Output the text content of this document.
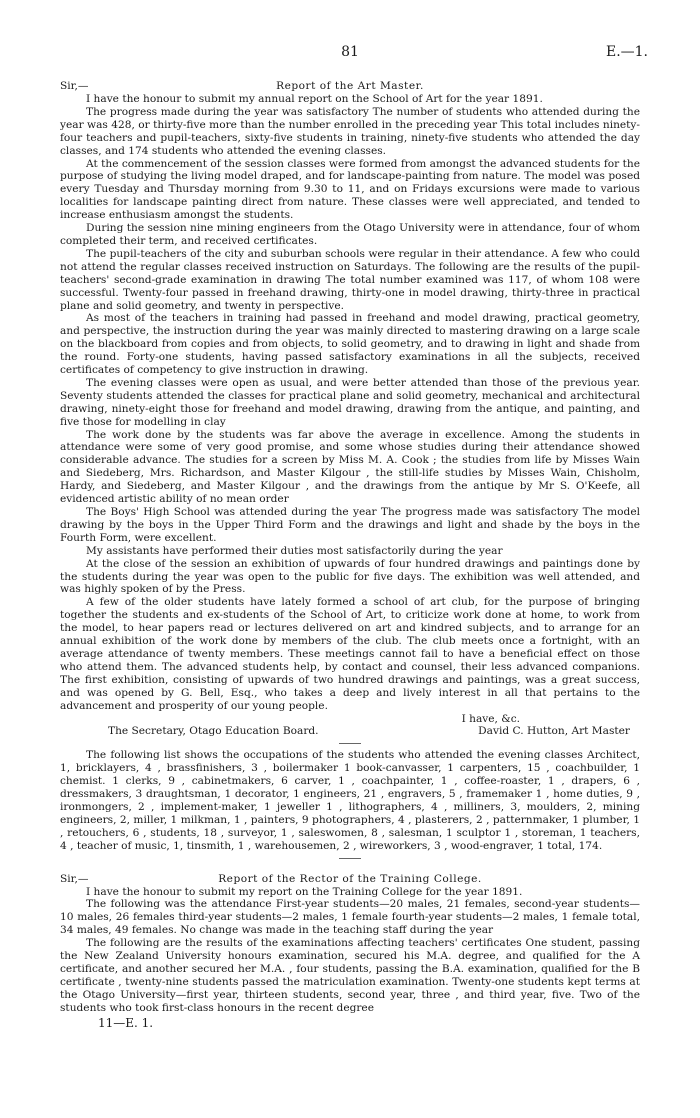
81	E.—1.
Sir,—	Report of the Art Master.

I have the honour to submit my annual report on the School of Art for the year 1891.

The progress made during the year was satisfactory The number of students who attended during the year was 428, or thirty-five more than the number enrolled in the preceding year This total includes ninety-four teachers and pupil-teachers, sixty-five students in training, ninety-five students who attended the day classes, and 174 students who attended the evening classes.

At the commencement of the session classes were formed from amongst the advanced students for the purpose of studying the living model draped, and for landscape-painting from nature. The model was posed every Tuesday and Thursday morning from 9.30 to 11, and on Fridays excursions were made to various localities for landscape painting direct from nature. These classes were well appreciated, and tended to increase enthusiasm amongst the students.

During the session nine mining engineers from the Otago University were in attendance, four of whom completed their term, and received certificates.

The pupil-teachers of the city and suburban schools were regular in their attendance. A few who could not attend the regular classes received instruction on Saturdays. The following are the results of the pupil-teachers' second-grade examination in drawing The total number examined was 117, of whom 108 were successful. Twenty-four passed in freehand drawing, thirty-one in model drawing, thirty-three in practical plane and solid geometry, and twenty in perspective.

As most of the teachers in training had passed in freehand and model drawing, practical geometry, and perspective, the instruction during the year was mainly directed to mastering drawing on a large scale on the blackboard from copies and from objects, to solid geometry, and to drawing in light and shade from the round. Forty-one students, having passed satisfactory examinations in all the subjects, received certificates of competency to give instruction in drawing.

The evening classes were open as usual, and were better attended than those of the previous year. Seventy students attended the classes for practical plane and solid geometry, mechanical and architectural drawing, ninety-eight those for freehand and model drawing, drawing from the antique, and painting, and five those for modelling in clay

The work done by the students was far above the average in excellence. Among the students in attendance were some of very good promise, and some whose studies during their attendance showed considerable advance. The studies for a screen by Miss M. A. Cook ; the studies from life by Misses Wain and Siedeberg, Mrs. Richardson, and Master Kilgour , the still-life studies by Misses Wain, Chisholm, Hardy, and Siedeberg, and Master Kilgour , and the drawings from the antique by Mr S. O'Keefe, all evidenced artistic ability of no mean order

The Boys' High School was attended during the year The progress made was satisfactory The model drawing by the boys in the Upper Third Form and the drawings and light and shade by the boys in the Fourth Form, were excellent.

My assistants have performed their duties most satisfactorily during the year

At the close of the session an exhibition of upwards of four hundred drawings and paintings done by the students during the year was open to the public for five days. The exhibition was well attended, and was highly spoken of by the Press.

A few of the older students have lately formed a school of art club, for the purpose of bringing together the students and ex-students of the School of Art, to criticize work done at home, to work from the model, to hear papers read or lectures delivered on art and kindred subjects, and to arrange for an annual exhibition of the work done by members of the club. The club meets once a fortnight, with an average attendance of twenty members. These meetings cannot fail to have a beneficial effect on those who attend them. The advanced students help, by contact and counsel, their less advanced companions. The first exhibition, consisting of upwards of two hundred drawings and paintings, was a great success, and was opened by G. Bell, Esq., who takes a deep and lively interest in all that pertains to the advancement and prosperity of our young people.

I have, &c.
The Secretary, Otago Education Board.	David C. Hutton, Art Master

The following list shows the occupations of the students who attended the evening classes Architect, 1, bricklayers, 4 , brassfinishers, 3 , boilermaker 1 book-canvasser, 1 carpenters, 15 , coachbuilder, 1 chemist. 1 clerks, 9 , cabinetmakers, 6 carver, 1 , coachpainter, 1 , coffee-roaster, 1 , drapers, 6 , dressmakers, 3 draughtsman, 1 decorator, 1 engineers, 21 , engravers, 5 , framemaker 1 , home duties, 9 , ironmongers, 2 , implement-maker, 1 jeweller 1 , lithographers, 4 , milliners, 3, moulders, 2, mining engineers, 2, miller, 1 milkman, 1 , painters, 9 photographers, 4 , plasterers, 2 , patternmaker, 1 plumber, 1 , retouchers, 6 , students, 18 , surveyor, 1 , saleswomen, 8 , salesman, 1 sculptor 1 , storeman, 1 teachers, 4 , teacher of music, 1, tinsmith, 1 , warehousemen, 2 , wireworkers, 3 , wood-engraver, 1 total, 174.

Sir,—	Report of the Rector of the Training College.

I have the honour to submit my report on the Training College for the year 1891.

The following was the attendance First-year students—20 males, 21 females, second-year students—10 males, 26 females third-year students—2 males, 1 female fourth-year students—2 males, 1 female total, 34 males, 49 females. No change was made in the teaching staff during the year

The following are the results of the examinations affecting teachers' certificates One student, passing the New Zealand University honours examination, secured his M.A. degree, and qualified for the A certificate, and another secured her M.A. , four students, passing the B.A. examination, qualified for the B certificate , twenty-nine students passed the matriculation examination. Twenty-one students kept terms at the Otago University—first year, thirteen students, second year, three , and third year, five. Two of the students who took first-class honours in the recent degree

11—E. 1.
